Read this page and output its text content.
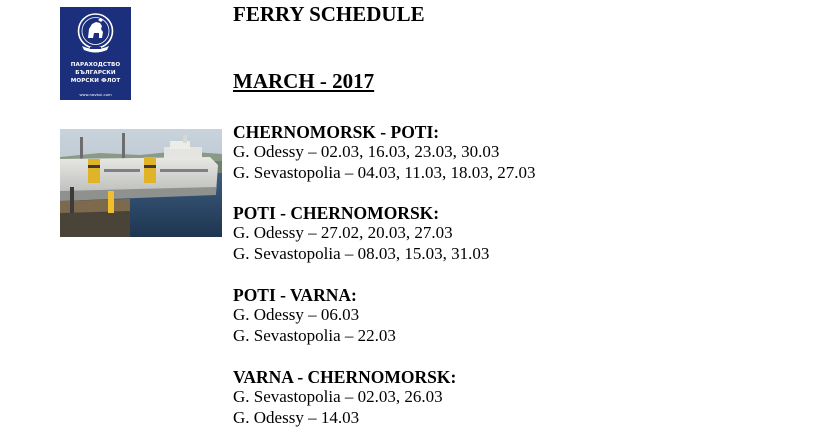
ПАРАХОДСТВО
БЪЛГАРСКИ
МОРСКИ ФЛОТ
www.navbul.com
FERRY SCHEDULE
MARCH - 2017
CHERNOMORSK - POTI:
G. Odessy – 02.03, 16.03, 23.03, 30.03
G. Sevastopolia – 04.03, 11.03, 18.03, 27.03
POTI - CHERNOMORSK:
G. Odessy – 27.02, 20.03, 27.03
G. Sevastopolia – 08.03, 15.03, 31.03
POTI - VARNA:
G. Odessy – 06.03
G. Sevastopolia – 22.03
VARNA - CHERNOMORSK:
G. Sevastopolia – 02.03, 26.03
G. Odessy – 14.03
